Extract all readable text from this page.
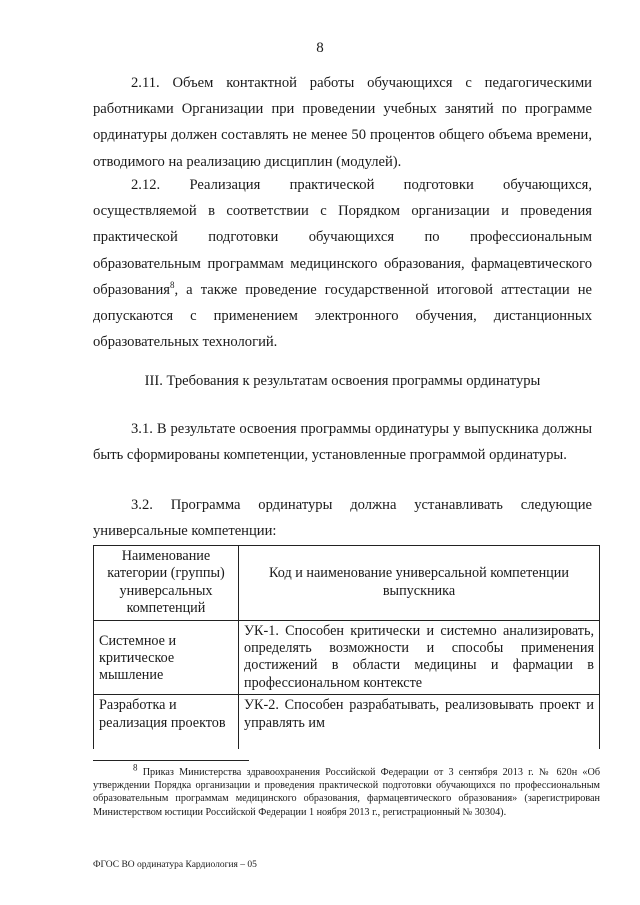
8

2.11. Объем контактной работы обучающихся с педагогическими работниками Организации при проведении учебных занятий по программе ординатуры должен составлять не менее 50 процентов общего объема времени, отводимого на реализацию дисциплин (модулей).

2.12. Реализация практической подготовки обучающихся, осуществляемой в соответствии с Порядком организации и проведения практической подготовки обучающихся по профессиональным образовательным программам медицинского образования, фармацевтического образования$^8$, а также проведение государственной итоговой аттестации не допускаются с применением электронного обучения, дистанционных образовательных технологий.

III. Требования к результатам освоения программы ординатуры

3.1. В результате освоения программы ординатуры у выпускника должны быть сформированы компетенции, установленные программой ординатуры.

3.2. Программа ординатуры должна устанавливать следующие универсальные компетенции:

Наименование категории (группы) универсальных компетенций	Код и наименование универсальной компетенции выпускника
Системное и критическое мышление	УК-1. Способен критически и системно анализировать, определять возможности и способы применения достижений в области медицины и фармации в профессиональном контексте
Разработка и реализация проектов	УК-2. Способен разрабатывать, реализовывать проект и управлять им

$^8$ Приказ Министерства здравоохранения Российской Федерации от 3 сентября 2013 г. № 620н «Об утверждении Порядка организации и проведения практической подготовки обучающихся по профессиональным образовательным программам медицинского образования, фармацевтического образования» (зарегистрирован Министерством юстиции Российской Федерации 1 ноября 2013 г., регистрационный № 30304).

ФГОС ВО ординатура Кардиология – 05
